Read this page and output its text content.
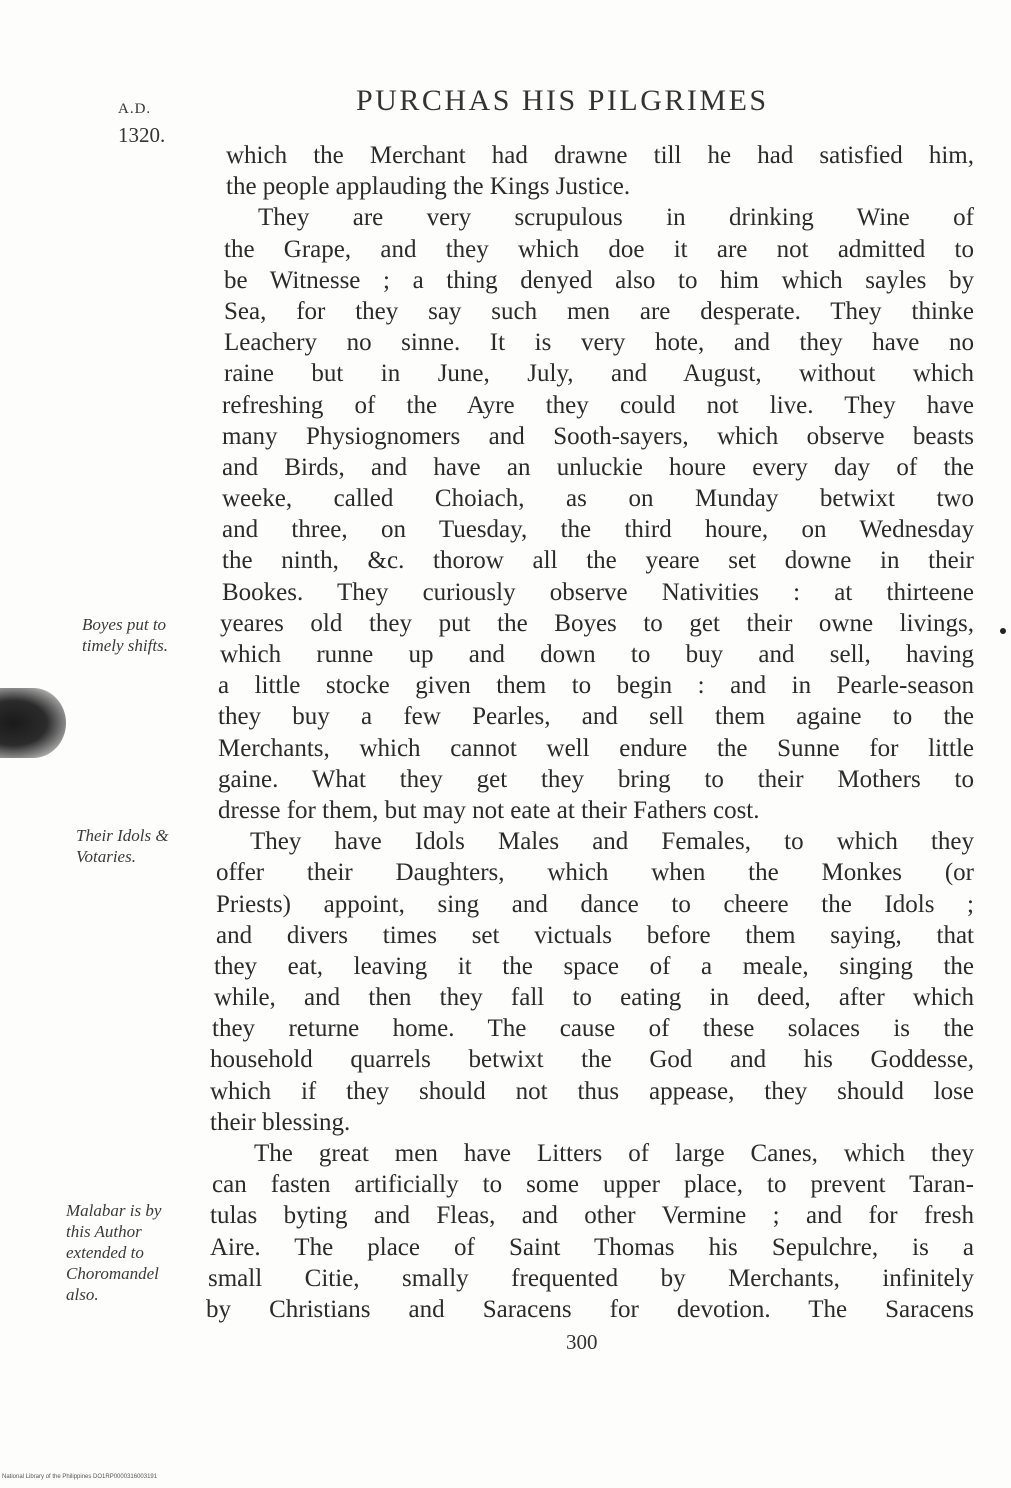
A.D.
1320.
PURCHAS HIS PILGRIMES
which the Merchant had drawne till he had satisfied him,
the people applauding the Kings Justice.
They are very scrupulous in drinking Wine of
the Grape, and they which doe it are not admitted to
be Witnesse ; a thing denyed also to him which sayles by
Sea, for they say such men are desperate. They thinke
Leachery no sinne. It is very hote, and they have no
raine but in June, July, and August, without which
refreshing of the Ayre they could not live. They have
many Physiognomers and Sooth-sayers, which observe beasts
and Birds, and have an unluckie houre every day of the
weeke, called Choiach, as on Munday betwixt two
and three, on Tuesday, the third houre, on Wednesday
the ninth, &c. thorow all the yeare set downe in their
Bookes. They curiously observe Nativities : at thirteene
yeares old they put the Boyes to get their owne livings,
which runne up and down to buy and sell, having
a little stocke given them to begin : and in Pearle-season
they buy a few Pearles, and sell them againe to the
Merchants, which cannot well endure the Sunne for little
gaine. What they get they bring to their Mothers to
dresse for them, but may not eate at their Fathers cost.
They have Idols Males and Females, to which they
offer their Daughters, which when the Monkes (or
Priests) appoint, sing and dance to cheere the Idols ;
and divers times set victuals before them saying, that
they eat, leaving it the space of a meale, singing the
while, and then they fall to eating in deed, after which
they returne home. The cause of these solaces is the
household quarrels betwixt the God and his Goddesse,
which if they should not thus appease, they should lose
their blessing.
The great men have Litters of large Canes, which they
can fasten artificially to some upper place, to prevent Taran-
tulas byting and Fleas, and other Vermine ; and for fresh
Aire. The place of Saint Thomas his Sepulchre, is a
small Citie, smally frequented by Merchants, infinitely
by Christians and Saracens for devotion. The Saracens
Boyes put to
timely shifts.
Their Idols &
Votaries.
Malabar is by
this Author
extended to
Choromandel
also.
300
National Library of the Philippines DO1RP0000316003191
